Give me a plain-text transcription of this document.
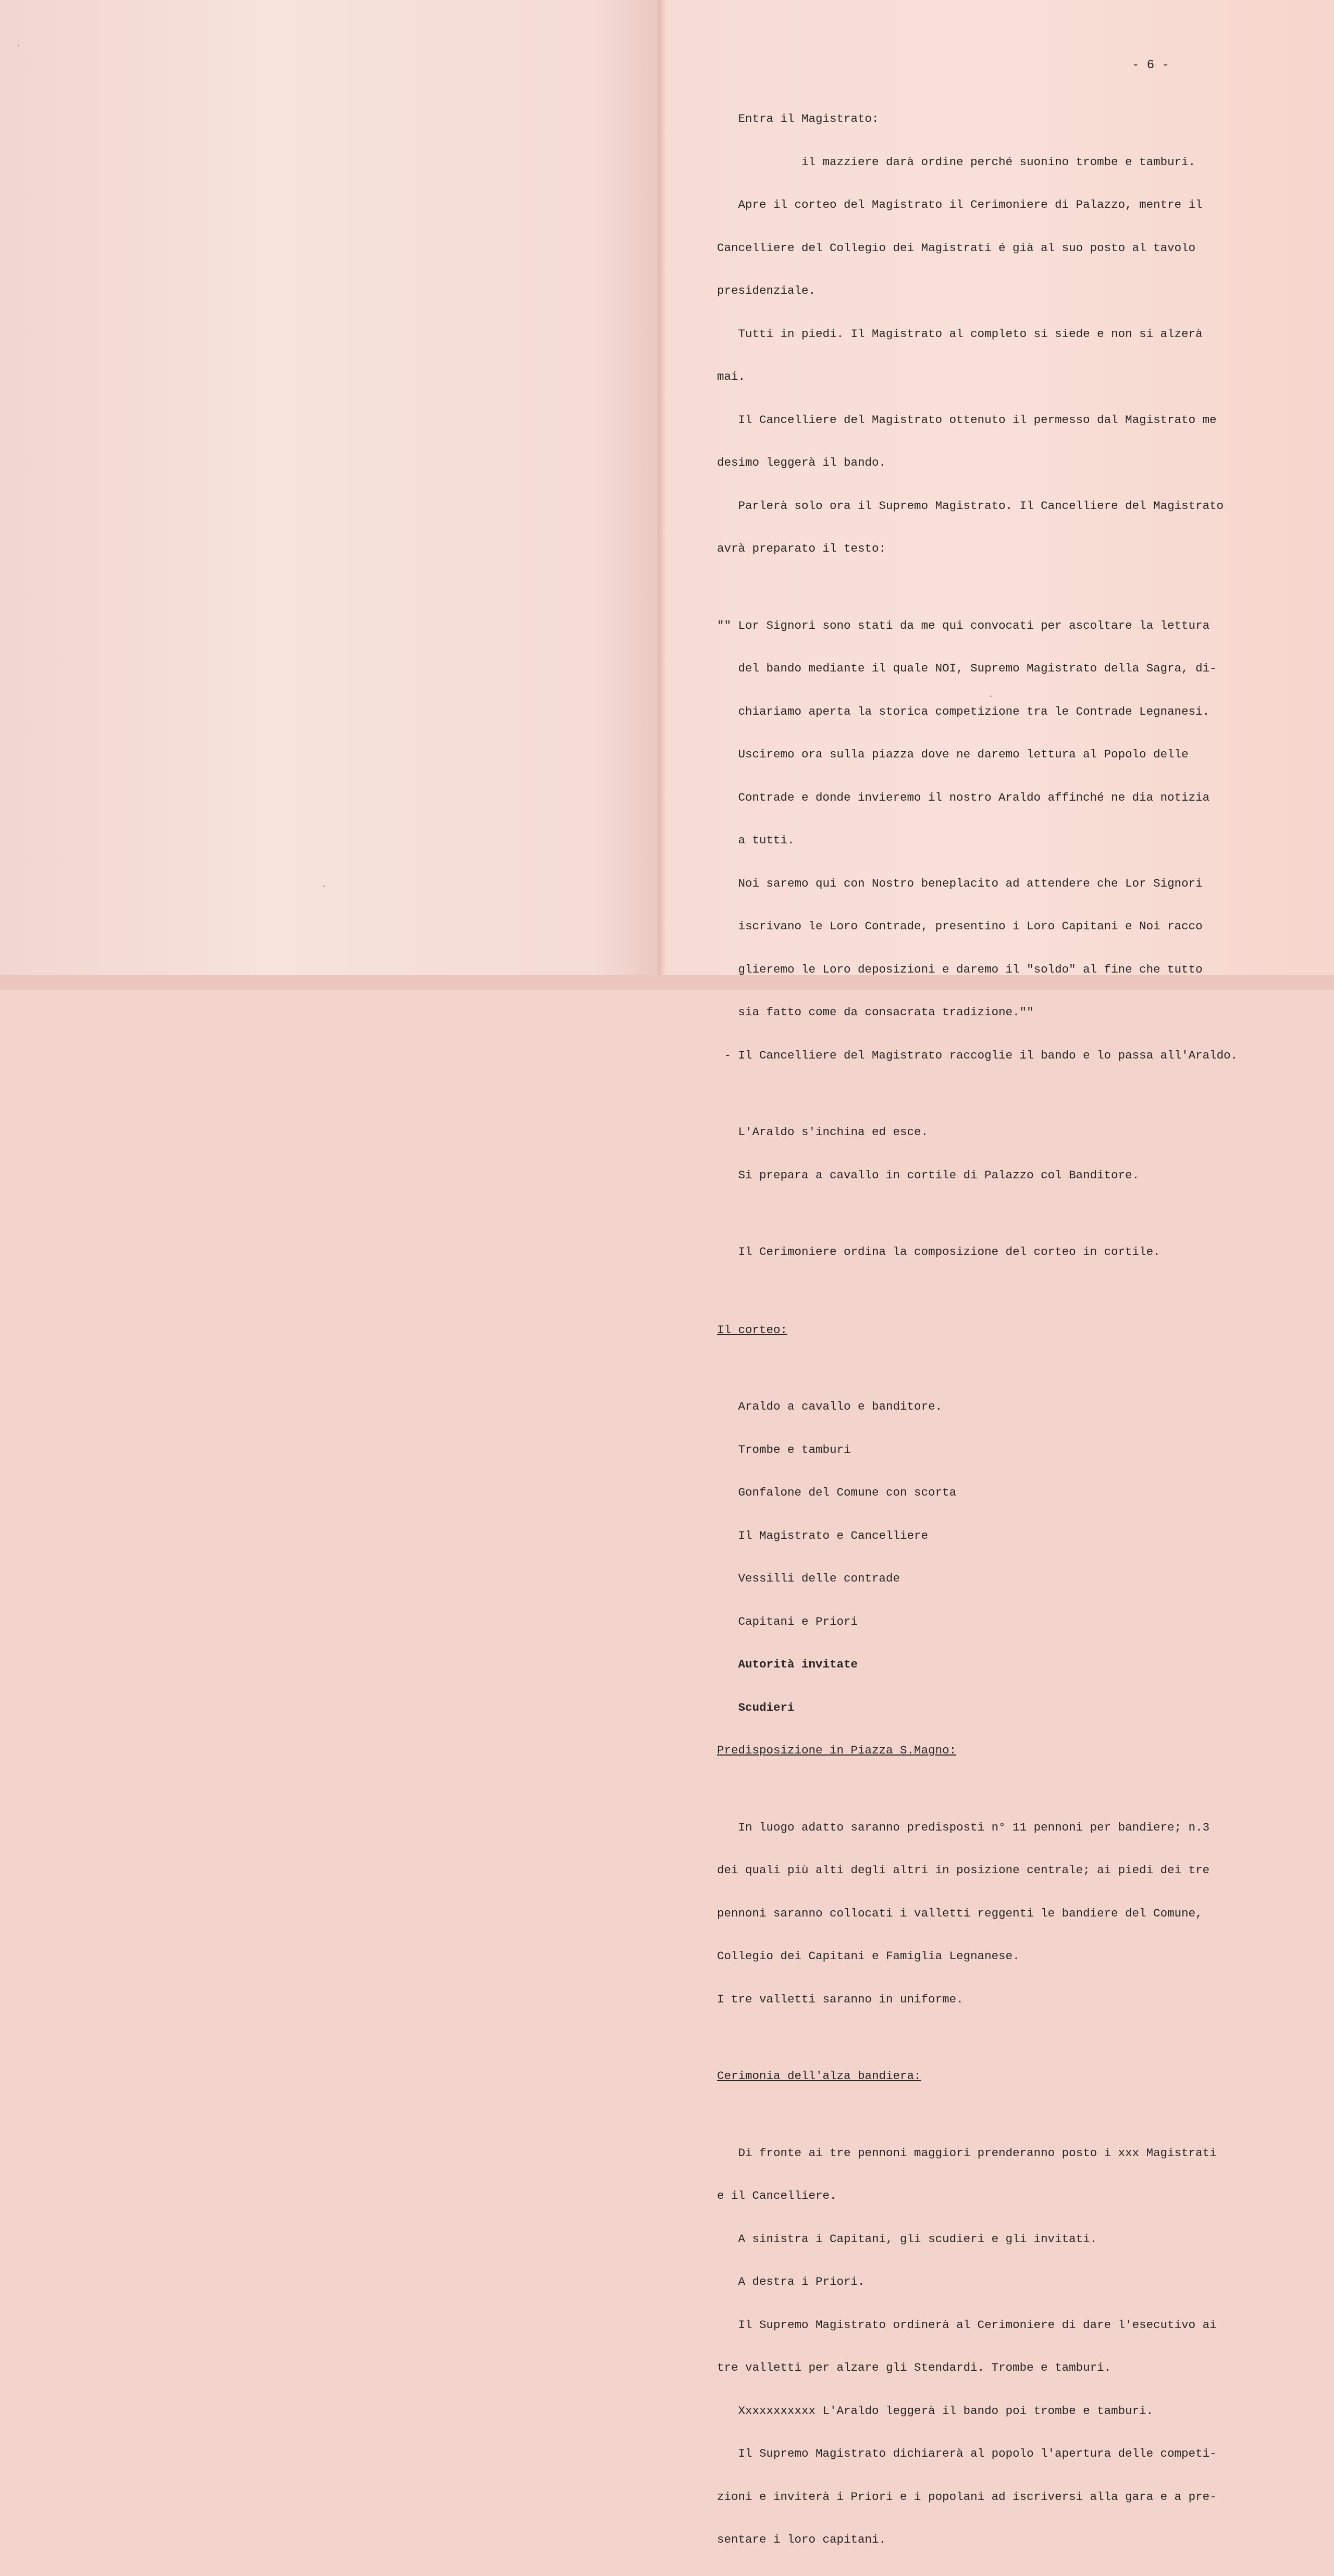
- 6 -

Entra il Magistrato:

il mazziere darà ordine perché suonino trombe e tamburi.

Apre il corteo del Magistrato il Cerimoniere di Palazzo, mentre il

Cancelliere del Collegio dei Magistrati é già al suo posto al tavolo

presidenziale.

Tutti in piedi. Il Magistrato al completo si siede e non si alzerà

mai.

Il Cancelliere del Magistrato ottenuto il permesso dal Magistrato me

desimo leggerà il bando.

Parlerà solo ora il Supremo Magistrato. Il Cancelliere del Magistrato

avrà preparato il testo:

"" Lor Signori sono stati da me qui convocati per ascoltare la lettura

del bando mediante il quale NOI, Supremo Magistrato della Sagra, di-

chiariamo aperta la storica competizione tra le Contrade Legnanesi.

Usciremo ora sulla piazza dove ne daremo lettura al Popolo delle

Contrade e donde invieremo il nostro Araldo affinché ne dia notizia

a tutti.

Noi saremo qui con Nostro beneplacito ad attendere che Lor Signori

iscrivano le Loro Contrade, presentino i Loro Capitani e Noi racco

glieremo le Loro deposizioni e daremo il "soldo" al fine che tutto

sia fatto come da consacrata tradizione.""

- Il Cancelliere del Magistrato raccoglie il bando e lo passa all'Araldo.

L'Araldo s'inchina ed esce.

Si prepara a cavallo in cortile di Palazzo col Banditore.

Il Cerimoniere ordina la composizione del corteo in cortile.

Il corteo:

Araldo a cavallo e banditore.

Trombe e tamburi

Gonfalone del Comune con scorta

Il Magistrato e Cancelliere

Vessilli delle contrade

Capitani e Priori

Autorità invitate

Scudieri

Predisposizione in Piazza S.Magno:

In luogo adatto saranno predisposti n° 11 pennoni per bandiere; n.3

dei quali più alti degli altri in posizione centrale; ai piedi dei tre

pennoni saranno collocati i valletti reggenti le bandiere del Comune,

Collegio dei Capitani e Famiglia Legnanese.

I tre valletti saranno in uniforme.

Cerimonia dell'alza bandiera:

Di fronte ai tre pennoni maggiori prenderanno posto i xxx Magistrati

e il Cancelliere.

A sinistra i Capitani, gli scudieri e gli invitati.

A destra i Priori.

Il Supremo Magistrato ordinerà al Cerimoniere di dare l'esecutivo ai

tre valletti per alzare gli Stendardi. Trombe e tamburi.

Xxxxxxxxxxx L'Araldo leggerà il bando poi trombe e tamburi.

Il Supremo Magistrato dichiarerà al popolo l'apertura delle competi-

zioni e inviterà i Priori e i popolani ad iscriversi alla gara e a pre-

sentare i loro capitani.
